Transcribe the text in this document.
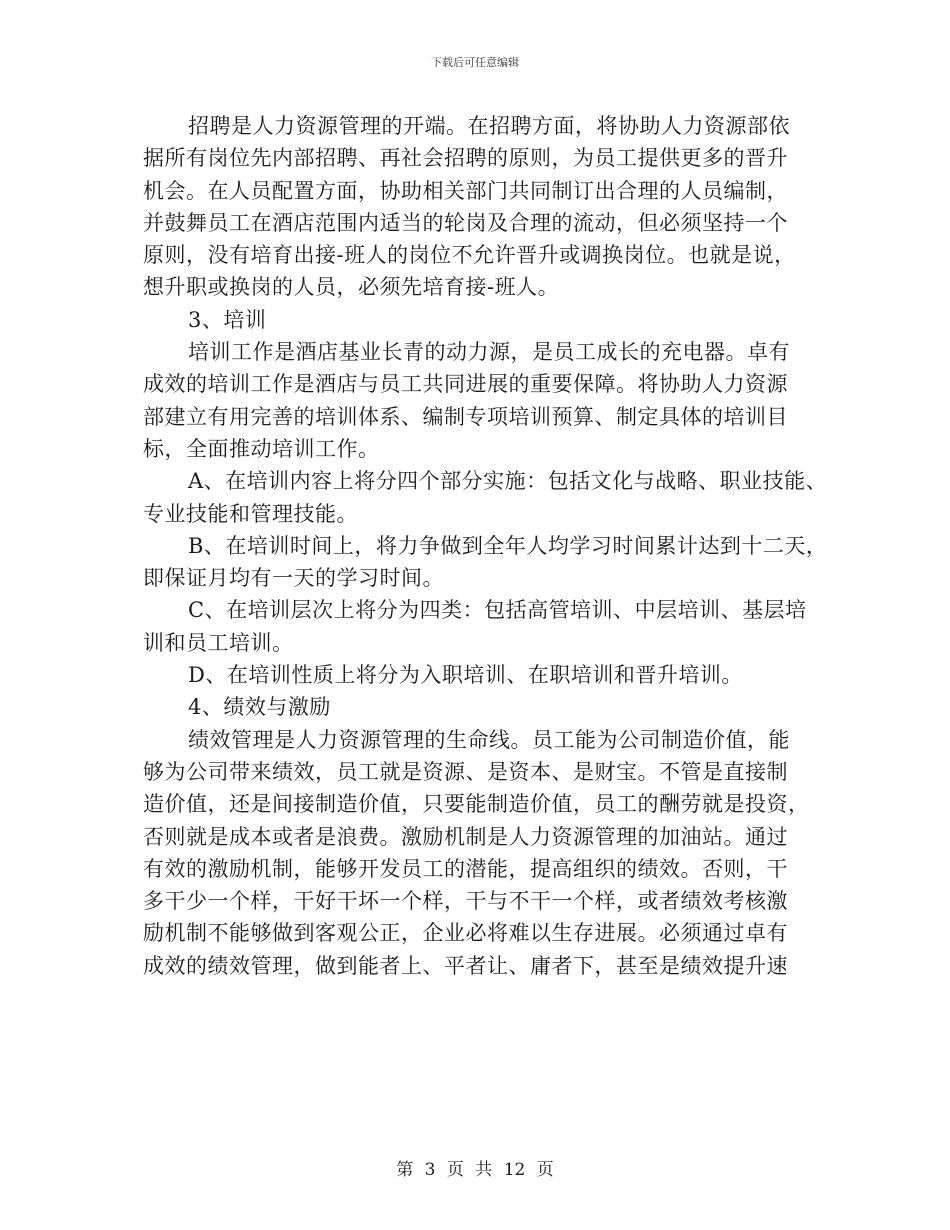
下载后可任意编辑
招聘是人力资源管理的开端。在招聘方面，将协助人力资源部依
据所有岗位先内部招聘、再社会招聘的原则，为员工提供更多的晋升
机会。在人员配置方面，协助相关部门共同制订出合理的人员编制，
并鼓舞员工在酒店范围内适当的轮岗及合理的流动，但必须坚持一个
原则，没有培育出接-班人的岗位不允许晋升或调换岗位。也就是说，
想升职或换岗的人员，必须先培育接-班人。
3、培训
培训工作是酒店基业长青的动力源，是员工成长的充电器。卓有
成效的培训工作是酒店与员工共同进展的重要保障。将协助人力资源
部建立有用完善的培训体系、编制专项培训预算、制定具体的培训目
标，全面推动培训工作。
A、在培训内容上将分四个部分实施：包括文化与战略、职业技能、
专业技能和管理技能。
B、在培训时间上，将力争做到全年人均学习时间累计达到十二天，
即保证月均有一天的学习时间。
C、在培训层次上将分为四类：包括高管培训、中层培训、基层培
训和员工培训。
D、在培训性质上将分为入职培训、在职培训和晋升培训。
4、绩效与激励
绩效管理是人力资源管理的生命线。员工能为公司制造价值，能
够为公司带来绩效，员工就是资源、是资本、是财宝。不管是直接制
造价值，还是间接制造价值，只要能制造价值，员工的酬劳就是投资，
否则就是成本或者是浪费。激励机制是人力资源管理的加油站。通过
有效的激励机制，能够开发员工的潜能，提高组织的绩效。否则，干
多干少一个样，干好干坏一个样，干与不干一个样，或者绩效考核激
励机制不能够做到客观公正，企业必将难以生存进展。必须通过卓有
成效的绩效管理，做到能者上、平者让、庸者下，甚至是绩效提升速
第 3 页 共 12 页
